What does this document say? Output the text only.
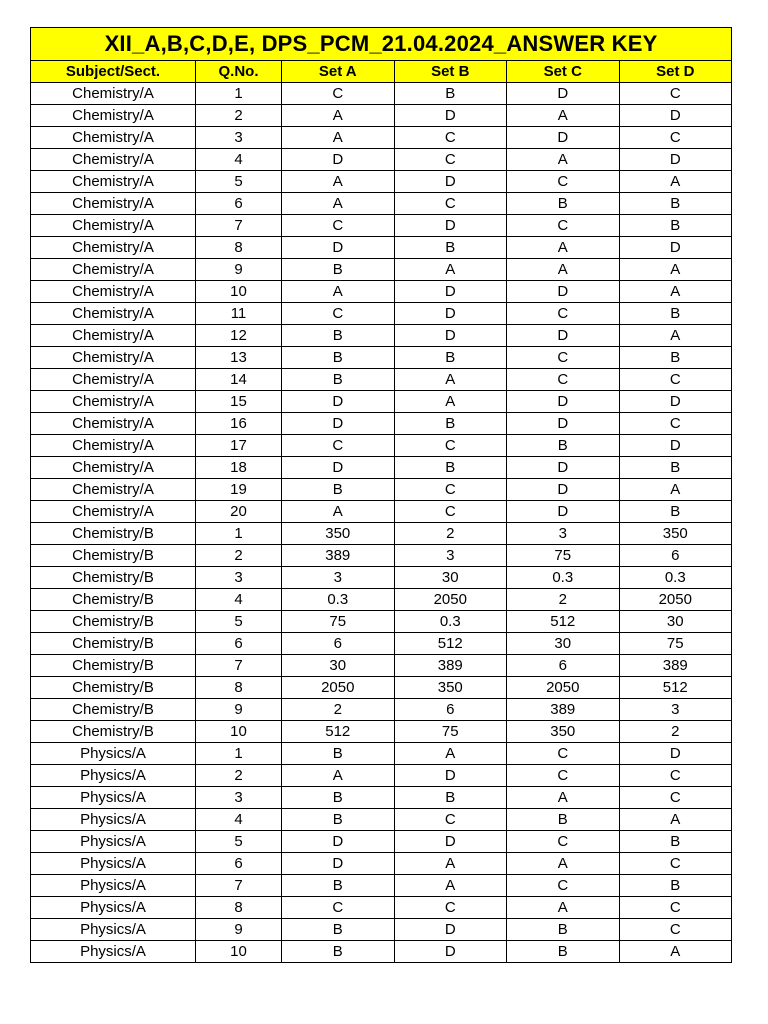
XII_A,B,C,D,E, DPS_PCM_21.04.2024_ANSWER KEY					
Subject/Sect.	Q.No.	Set A	Set B	Set C	Set D
Chemistry/A	1	C	B	D	C
Chemistry/A	2	A	D	A	D
Chemistry/A	3	A	C	D	C
Chemistry/A	4	D	C	A	D
Chemistry/A	5	A	D	C	A
Chemistry/A	6	A	C	B	B
Chemistry/A	7	C	D	C	B
Chemistry/A	8	D	B	A	D
Chemistry/A	9	B	A	A	A
Chemistry/A	10	A	D	D	A
Chemistry/A	11	C	D	C	B
Chemistry/A	12	B	D	D	A
Chemistry/A	13	B	B	C	B
Chemistry/A	14	B	A	C	C
Chemistry/A	15	D	A	D	D
Chemistry/A	16	D	B	D	C
Chemistry/A	17	C	C	B	D
Chemistry/A	18	D	B	D	B
Chemistry/A	19	B	C	D	A
Chemistry/A	20	A	C	D	B
Chemistry/B	1	350	2	3	350
Chemistry/B	2	389	3	75	6
Chemistry/B	3	3	30	0.3	0.3
Chemistry/B	4	0.3	2050	2	2050
Chemistry/B	5	75	0.3	512	30
Chemistry/B	6	6	512	30	75
Chemistry/B	7	30	389	6	389
Chemistry/B	8	2050	350	2050	512
Chemistry/B	9	2	6	389	3
Chemistry/B	10	512	75	350	2
Physics/A	1	B	A	C	D
Physics/A	2	A	D	C	C
Physics/A	3	B	B	A	C
Physics/A	4	B	C	B	A
Physics/A	5	D	D	C	B
Physics/A	6	D	A	A	C
Physics/A	7	B	A	C	B
Physics/A	8	C	C	A	C
Physics/A	9	B	D	B	C
Physics/A	10	B	D	B	A
